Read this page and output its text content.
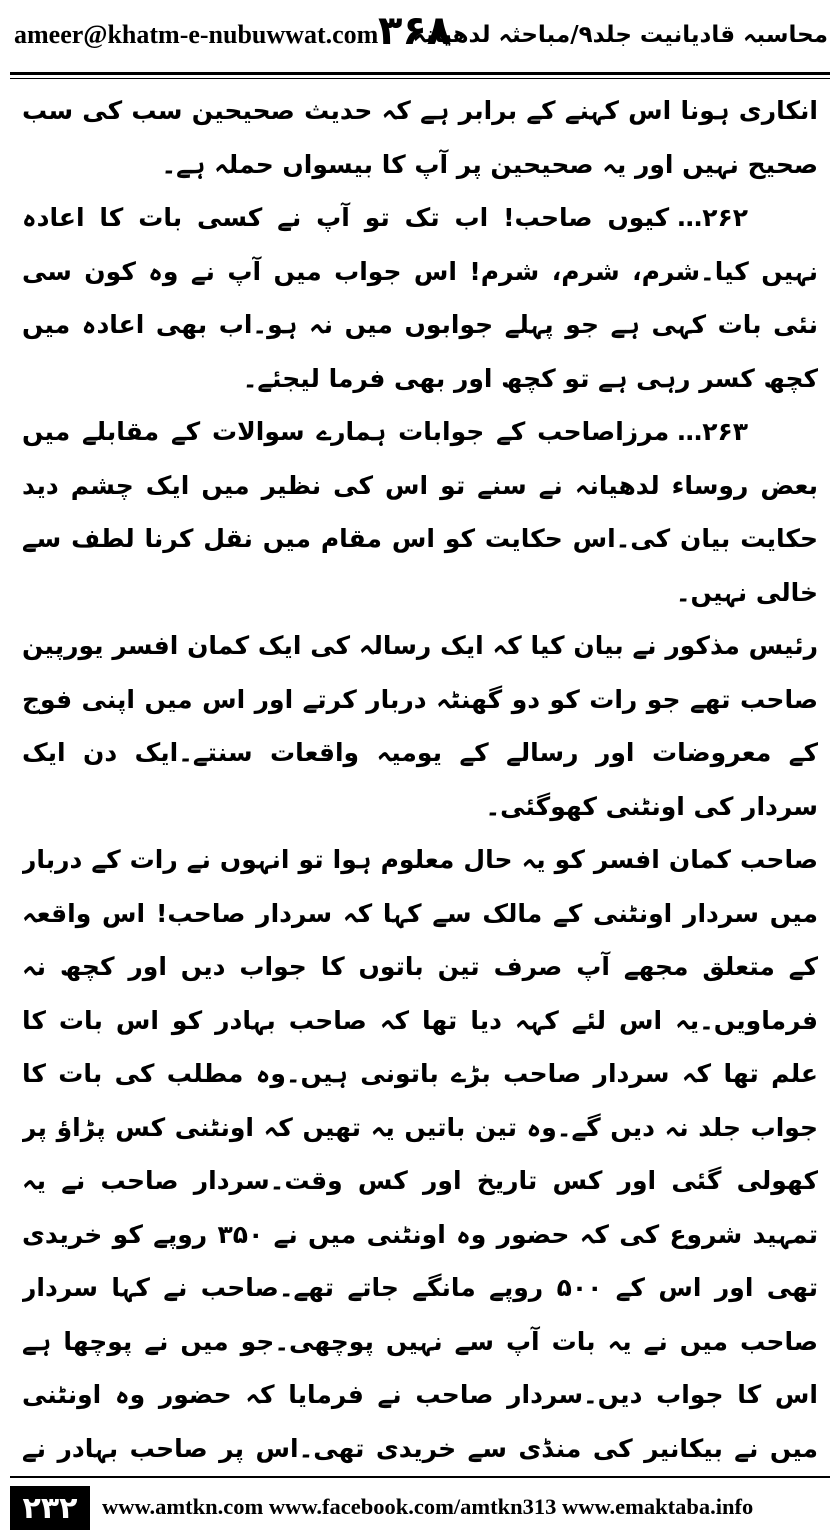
ameer@khatm-e-nubuwwat.com ۳۶۸
محاسبہ قادیانیت جلد۹/مباحثہ لدھیانہ

انکاری ہونا اس کہنے کے برابر ہے کہ حدیث صحیحین سب کی سب صحیح نہیں اور یہ صحیحین پر آپ کا بیسواں حملہ ہے۔

۲۶۲…کیوں صاحب! اب تک تو آپ نے کسی بات کا اعادہ نہیں کیا۔شرم، شرم، شرم! اس جواب میں آپ نے وہ کون سی نئی بات کہی ہے جو پہلے جوابوں میں نہ ہو۔اب بھی اعادہ میں کچھ کسر رہی ہے تو کچھ اور بھی فرما لیجئے۔

۲۶۳…مرزاصاحب کے جوابات ہمارے سوالات کے مقابلے میں بعض روساء لدھیانہ نے سنے تو اس کی نظیر میں ایک چشم دید حکایت بیان کی۔اس حکایت کو اس مقام میں نقل کرنا لطف سے خالی نہیں۔

رئیس مذکور نے بیان کیا کہ ایک رسالہ کی ایک کمان افسر یورپین صاحب تھے جو رات کو دو گھنٹہ دربار کرتے اور اس میں اپنی فوج کے معروضات اور رسالے کے یومیہ واقعات سنتے۔ایک دن ایک سردار کی اونٹنی کھوگئی۔

صاحب کمان افسر کو یہ حال معلوم ہوا تو انہوں نے رات کے دربار میں سردار اونٹنی کے مالک سے کہا کہ سردار صاحب! اس واقعہ کے متعلق مجھے آپ صرف تین باتوں کا جواب دیں اور کچھ نہ فرماویں۔یہ اس لئے کہہ دیا تھا کہ صاحب بہادر کو اس بات کا علم تھا کہ سردار صاحب بڑے باتونی ہیں۔وہ مطلب کی بات کا جواب جلد نہ دیں گے۔وہ تین باتیں یہ تھیں کہ اونٹنی کس پڑاؤ پر کھولی گئی اور کس تاریخ اور کس وقت۔سردار صاحب نے یہ تمہید شروع کی کہ حضور وہ اونٹنی میں نے ۳۵۰ روپے کو خریدی تھی اور اس کے ۵۰۰ روپے مانگے جاتے تھے۔صاحب نے کہا سردار صاحب میں نے یہ بات آپ سے نہیں پوچھی۔جو میں نے پوچھا ہے اس کا جواب دیں۔سردار صاحب نے فرمایا کہ حضور وہ اونٹنی میں نے بیکانیر کی منڈی سے خریدی تھی۔اس پر صاحب بہادر نے

۲۳۲	www.amtkn.com www.facebook.com/amtkn313 www.emaktaba.info
